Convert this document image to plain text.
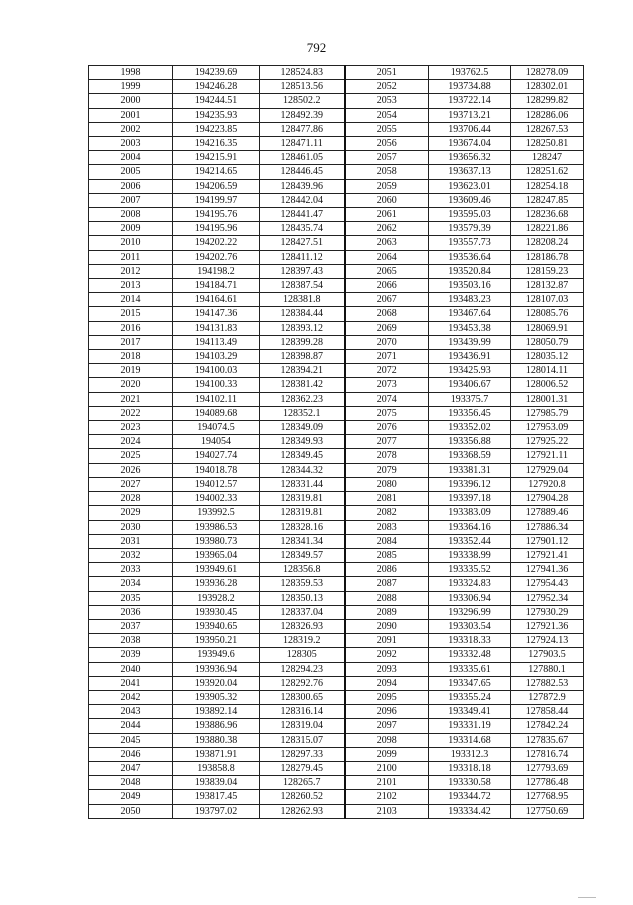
792
1998	194239.69	128524.83	2051	193762.5	128278.09
1999	194246.28	128513.56	2052	193734.88	128302.01
2000	194244.51	128502.2	2053	193722.14	128299.82
2001	194235.93	128492.39	2054	193713.21	128286.06
2002	194223.85	128477.86	2055	193706.44	128267.53
2003	194216.35	128471.11	2056	193674.04	128250.81
2004	194215.91	128461.05	2057	193656.32	128247
2005	194214.65	128446.45	2058	193637.13	128251.62
2006	194206.59	128439.96	2059	193623.01	128254.18
2007	194199.97	128442.04	2060	193609.46	128247.85
2008	194195.76	128441.47	2061	193595.03	128236.68
2009	194195.96	128435.74	2062	193579.39	128221.86
2010	194202.22	128427.51	2063	193557.73	128208.24
2011	194202.76	128411.12	2064	193536.64	128186.78
2012	194198.2	128397.43	2065	193520.84	128159.23
2013	194184.71	128387.54	2066	193503.16	128132.87
2014	194164.61	128381.8	2067	193483.23	128107.03
2015	194147.36	128384.44	2068	193467.64	128085.76
2016	194131.83	128393.12	2069	193453.38	128069.91
2017	194113.49	128399.28	2070	193439.99	128050.79
2018	194103.29	128398.87	2071	193436.91	128035.12
2019	194100.03	128394.21	2072	193425.93	128014.11
2020	194100.33	128381.42	2073	193406.67	128006.52
2021	194102.11	128362.23	2074	193375.7	128001.31
2022	194089.68	128352.1	2075	193356.45	127985.79
2023	194074.5	128349.09	2076	193352.02	127953.09
2024	194054	128349.93	2077	193356.88	127925.22
2025	194027.74	128349.45	2078	193368.59	127921.11
2026	194018.78	128344.32	2079	193381.31	127929.04
2027	194012.57	128331.44	2080	193396.12	127920.8
2028	194002.33	128319.81	2081	193397.18	127904.28
2029	193992.5	128319.81	2082	193383.09	127889.46
2030	193986.53	128328.16	2083	193364.16	127886.34
2031	193980.73	128341.34	2084	193352.44	127901.12
2032	193965.04	128349.57	2085	193338.99	127921.41
2033	193949.61	128356.8	2086	193335.52	127941.36
2034	193936.28	128359.53	2087	193324.83	127954.43
2035	193928.2	128350.13	2088	193306.94	127952.34
2036	193930.45	128337.04	2089	193296.99	127930.29
2037	193940.65	128326.93	2090	193303.54	127921.36
2038	193950.21	128319.2	2091	193318.33	127924.13
2039	193949.6	128305	2092	193332.48	127903.5
2040	193936.94	128294.23	2093	193335.61	127880.1
2041	193920.04	128292.76	2094	193347.65	127882.53
2042	193905.32	128300.65	2095	193355.24	127872.9
2043	193892.14	128316.14	2096	193349.41	127858.44
2044	193886.96	128319.04	2097	193331.19	127842.24
2045	193880.38	128315.07	2098	193314.68	127835.67
2046	193871.91	128297.33	2099	193312.3	127816.74
2047	193858.8	128279.45	2100	193318.18	127793.69
2048	193839.04	128265.7	2101	193330.58	127786.48
2049	193817.45	128260.52	2102	193344.72	127768.95
2050	193797.02	128262.93	2103	193334.42	127750.69
